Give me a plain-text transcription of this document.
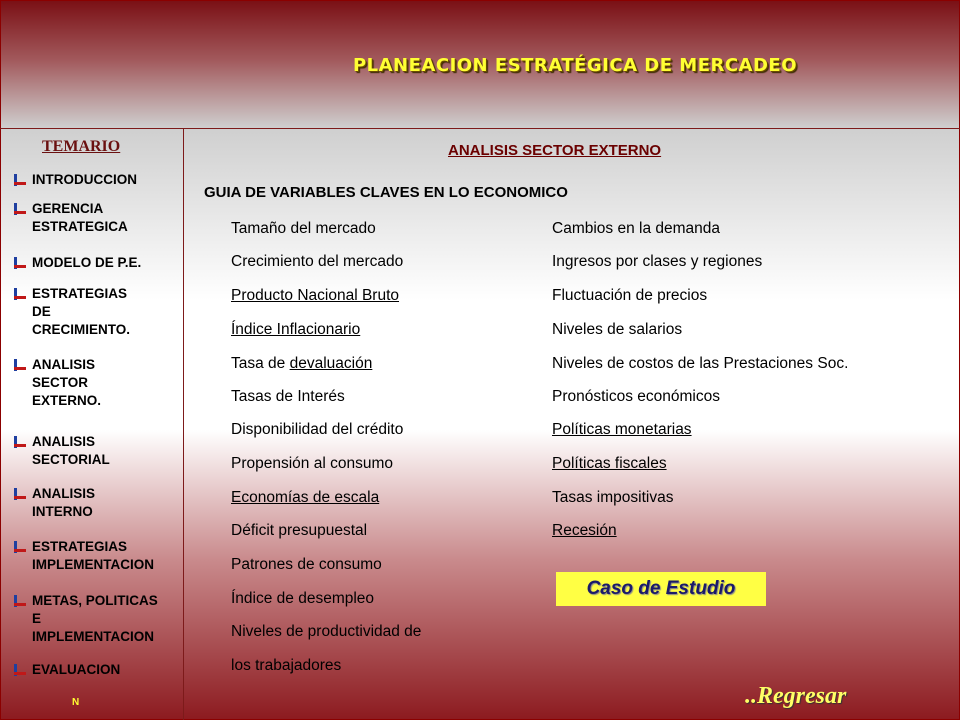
PLANEACION ESTRATÉGICA DE MERCADEO
TEMARIO
INTRODUCCION
GERENCIA
ESTRATEGICA
MODELO DE P.E.
ESTRATEGIAS
DE
CRECIMIENTO.
ANALISIS
SECTOR
EXTERNO.
ANALISIS
SECTORIAL
ANALISIS
INTERNO
ESTRATEGIAS
IMPLEMENTACION
METAS, POLITICAS
E
IMPLEMENTACION
EVALUACION
N
ANALISIS SECTOR EXTERNO
GUIA DE VARIABLES CLAVES EN LO ECONOMICO
Tamaño del mercado
Crecimiento del mercado
Producto Nacional Bruto
Índice Inflacionario
Tasa de devaluación
Tasas de Interés
Disponibilidad del crédito
Propensión al consumo
Economías de escala
Déficit presupuestal
Patrones de consumo
Índice de desempleo
Niveles de productividad de
los trabajadores
Cambios en la demanda
Ingresos por clases y regiones
Fluctuación de precios
Niveles de salarios
Niveles de costos de las Prestaciones Soc.
Pronósticos económicos
Políticas monetarias
Políticas fiscales
Tasas impositivas
Recesión
Caso de Estudio
..Regresar
